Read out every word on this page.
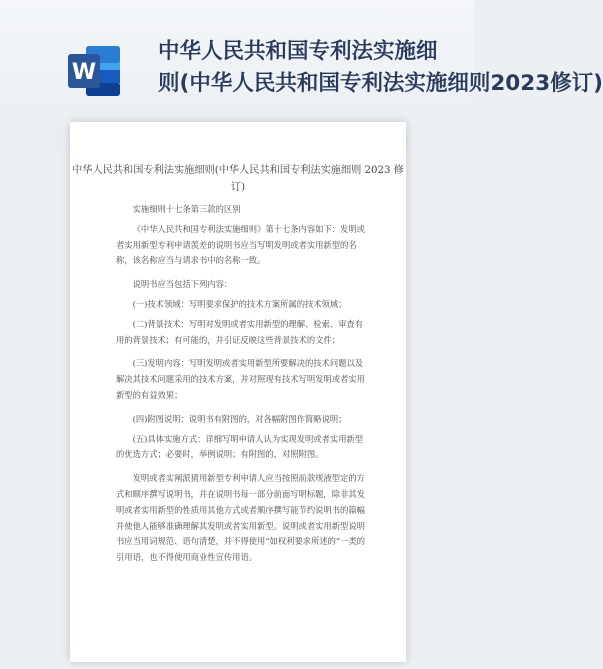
W

中华人民共和国专利法实施细

则(中华人民共和国专利法实施细则2023修订)

中华人民共和国专利法实施细则(中华人民共和国专利法实施细则 2023 修订)

实施细则十七条第三款的区别

《中华人民共和国专利法实施细则》第十七条内容如下：发明或者实用新型专利申请羡差的说明书应当写明发明或者实用新型的名称，该名称应当与请求书中的名称一致。

说明书应当包括下列内容：

(一)技术领域：写明要求保护的技术方案所属的技术领域；

(二)背景技术：写明对发明或者实用新型的理解、检索、审查有用的背景技术；有可能的，并引证反映这些背景技术的文件；

(三)发明内容：写明发明或者实用新型所要解决的技术问题以及解决其技术问题采用的技术方案，并对照现有技术写明发明或者实用新型的有益效果；

(四)附图说明：说明书有附图的，对各幅附图作简略说明；

(五)具体实施方式：详细写明申请人认为实现发明或者实用新型的优选方式；必要时，举例说明；有附图的，对照附图。

发明或者实阐派猜用新型专利申请人应当按照前款规液型定的方式和顺序撰写说明书，并在说明书每一部分前面写明标题，除非其发明或者实用新型的性质用其他方式或者顺序撰写能节约说明书的篇幅并使他人能够准确理解其发明或者实用新型。说明或者实用新型说明书应当用词规范、语句清楚，并不得使用“如权利要求所述的”一类的引用语，也不得使用商业性宣传用语。
